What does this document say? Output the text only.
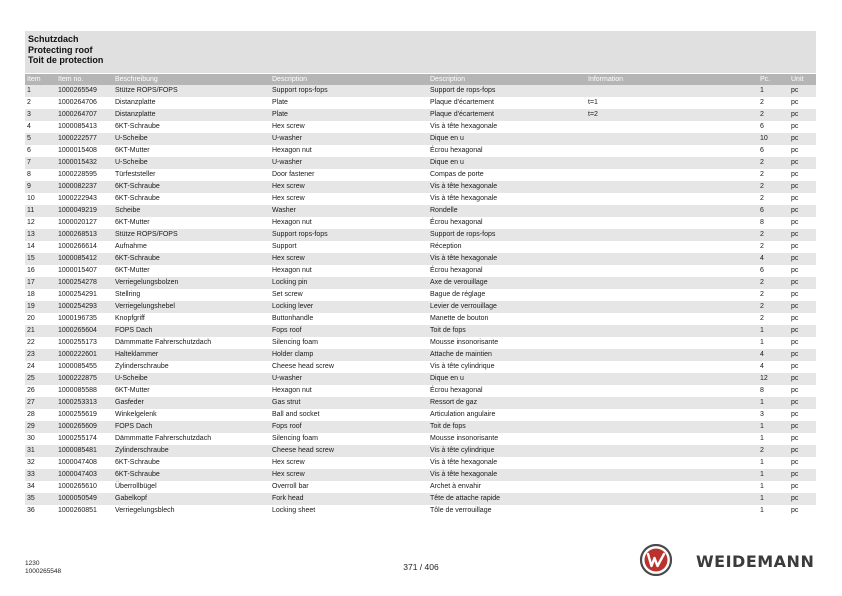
Schutzdach
Protecting roof
Toit de protection
Item	Item no.	Beschreibung	Description	Description	Information	Pc.	Unit
1	1000265549	Stütze ROPS/FOPS	Support rops-fops	Support de rops-fops		1	pc
2	1000264706	Distanzplatte	Plate	Plaque d'écartement	t=1	2	pc
3	1000264707	Distanzplatte	Plate	Plaque d'écartement	t=2	2	pc
4	1000085413	6KT-Schraube	Hex screw	Vis à tête hexagonale		6	pc
5	1000222577	U-Scheibe	U-washer	Dique en u		10	pc
6	1000015408	6KT-Mutter	Hexagon nut	Écrou hexagonal		6	pc
7	1000015432	U-Scheibe	U-washer	Dique en u		2	pc
8	1000228595	Türfeststeller	Door fastener	Compas de porte		2	pc
9	1000082237	6KT-Schraube	Hex screw	Vis à tête hexagonale		2	pc
10	1000222943	6KT-Schraube	Hex screw	Vis à tête hexagonale		2	pc
11	1000049219	Scheibe	Washer	Rondelle		6	pc
12	1000020127	6KT-Mutter	Hexagon nut	Écrou hexagonal		8	pc
13	1000268513	Stütze ROPS/FOPS	Support rops-fops	Support de rops-fops		2	pc
14	1000266614	Aufnahme	Support	Réception		2	pc
15	1000085412	6KT-Schraube	Hex screw	Vis à tête hexagonale		4	pc
16	1000015407	6KT-Mutter	Hexagon nut	Écrou hexagonal		6	pc
17	1000254278	Verriegelungsbolzen	Locking pin	Axe de verouillage		2	pc
18	1000254291	Stellring	Set screw	Bague de réglage		2	pc
19	1000254293	Verriegelungshebel	Locking lever	Levier de verrouillage		2	pc
20	1000196735	Knopfgriff	Buttonhandle	Manette de bouton		2	pc
21	1000265604	FOPS Dach	Fops roof	Toit de fops		1	pc
22	1000255173	Dämmmatte Fahrerschutzdach	Silencing foam	Mousse insonorisante		1	pc
23	1000222601	Halteklammer	Holder clamp	Attache de maintien		4	pc
24	1000085455	Zylinderschraube	Cheese head screw	Vis à tête cylindrique		4	pc
25	1000222875	U-Scheibe	U-washer	Dique en u		12	pc
26	1000085588	6KT-Mutter	Hexagon nut	Écrou hexagonal		8	pc
27	1000253313	Gasfeder	Gas strut	Ressort de gaz		1	pc
28	1000255619	Winkelgelenk	Ball and socket	Articulation angulaire		3	pc
29	1000265609	FOPS Dach	Fops roof	Toit de fops		1	pc
30	1000255174	Dämmmatte Fahrerschutzdach	Silencing foam	Mousse insonorisante		1	pc
31	1000085481	Zylinderschraube	Cheese head screw	Vis à tête cylindrique		2	pc
32	1000047408	6KT-Schraube	Hex screw	Vis à tête hexagonale		1	pc
33	1000047403	6KT-Schraube	Hex screw	Vis à tête hexagonale		1	pc
34	1000265610	Überrollbügel	Overroll bar	Archet à envahir		1	pc
35	1000050549	Gabelkopf	Fork head	Tête de attache rapide		1	pc
36	1000260851	Verriegelungsblech	Locking sheet	Tôle de verrouillage		1	pc
1230
1000265548	371 / 406	WEIDEMANN
